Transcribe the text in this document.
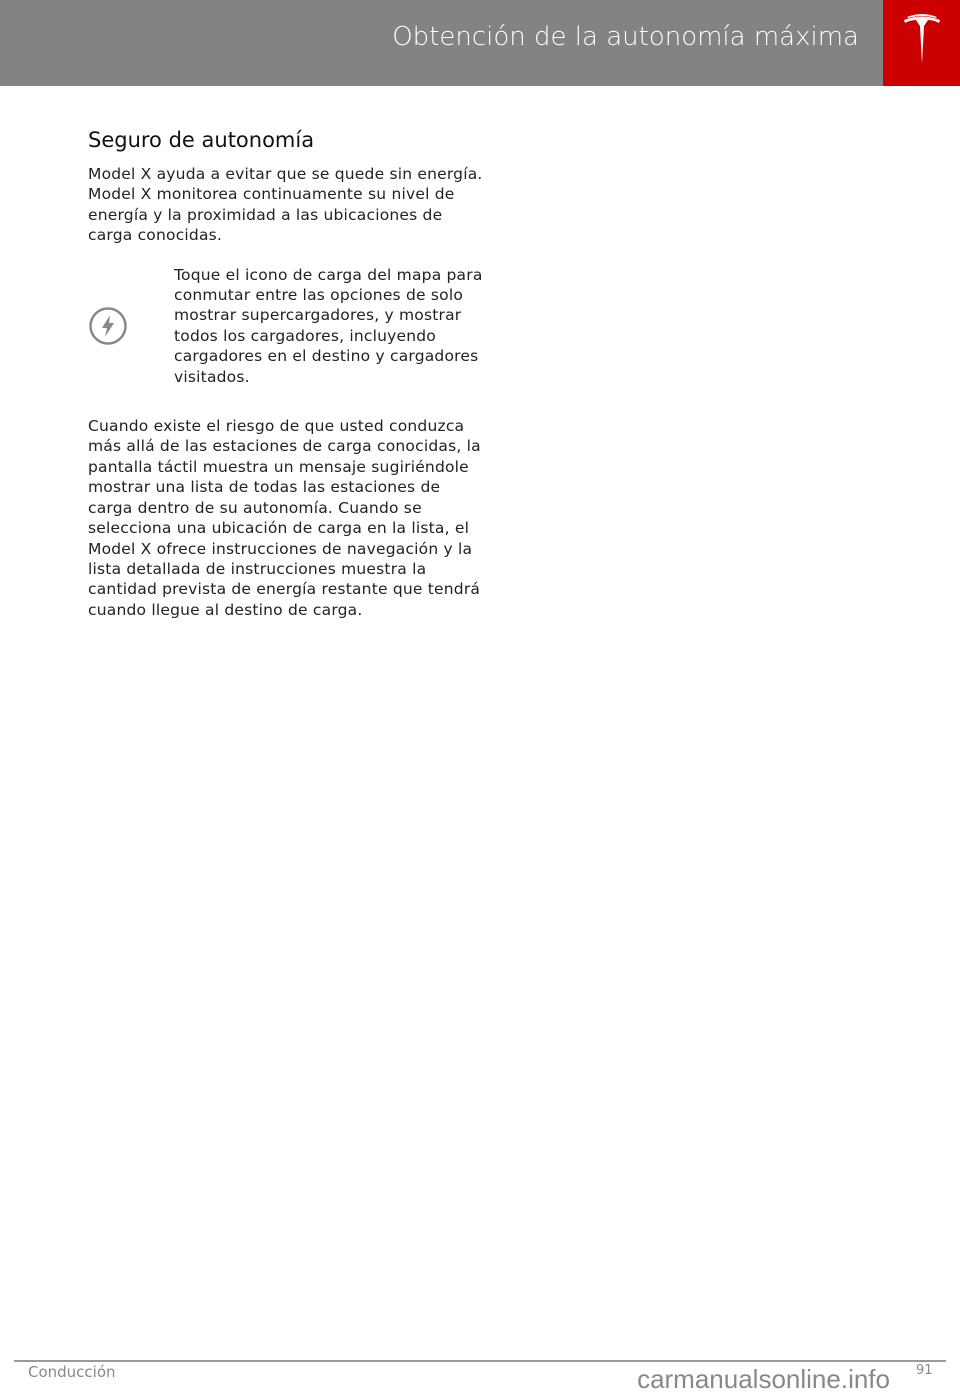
Obtención de la autonomía máxima
Seguro de autonomía

Model X ayuda a evitar que se quede sin energía. Model X monitorea continuamente su nivel de energía y la proximidad a las ubicaciones de carga conocidas.

Toque el icono de carga del mapa para conmutar entre las opciones de solo mostrar supercargadores, y mostrar todos los cargadores, incluyendo cargadores en el destino y cargadores visitados.

Cuando existe el riesgo de que usted conduzca más allá de las estaciones de carga conocidas, la pantalla táctil muestra un mensaje sugiriéndole mostrar una lista de todas las estaciones de carga dentro de su autonomía. Cuando se selecciona una ubicación de carga en la lista, el Model X ofrece instrucciones de navegación y la lista detallada de instrucciones muestra la cantidad prevista de energía restante que tendrá cuando llegue al destino de carga.

Conducción	91
carmanualsonline.info
